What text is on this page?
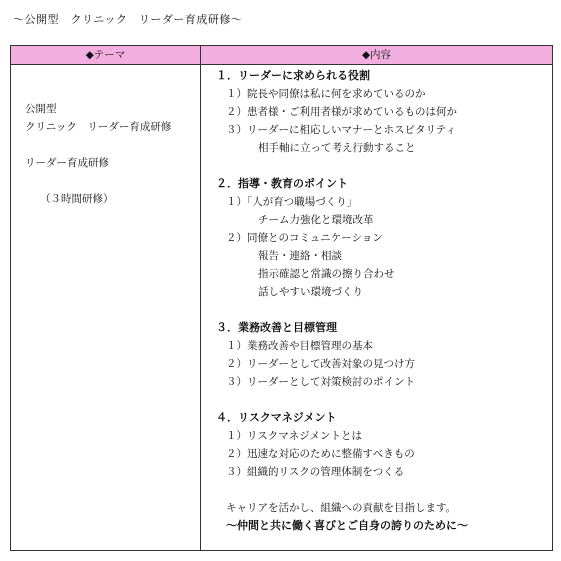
〜公開型　クリニック　リーダー育成研修〜
◆テーマ	◆内容
公開型
クリニック　リーダー育成研修
リーダー育成研修
（３時間研修）
１．リーダーに求められる役割
１）院長や同僚は私に何を求めているのか
２）患者様・ご利用者様が求めているものは何か
３）リーダーに相応しいマナーとホスピタリティ
相手軸に立って考え行動すること
２．指導・教育のポイント
１）「人が育つ職場づくり」
チーム力強化と環境改革
２）同僚とのコミュニケーション
報告・連絡・相談
指示確認と常識の擦り合わせ
話しやすい環境づくり
３．業務改善と目標管理
１）業務改善や目標管理の基本
２）リーダーとして改善対象の見つけ方
３）リーダーとして対策検討のポイント
４．リスクマネジメント
１）リスクマネジメントとは
２）迅速な対応のために整備すべきもの
３）組織的リスクの管理体制をつくる
キャリアを活かし、組織への貢献を目指します。
〜仲間と共に働く喜びとご自身の誇りのために〜
